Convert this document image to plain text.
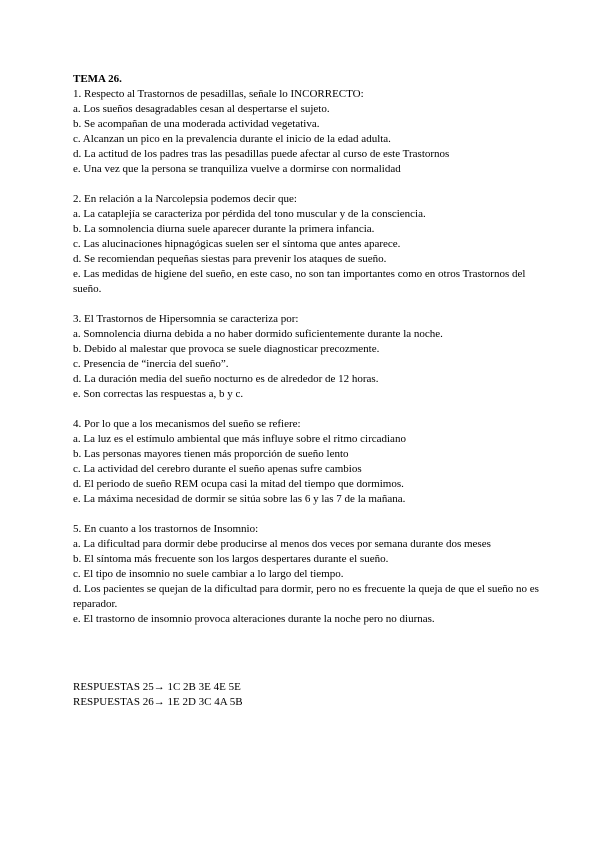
TEMA 26.
1. Respecto al Trastornos de pesadillas, señale lo INCORRECTO:
a. Los sueños desagradables cesan al despertarse el sujeto.
b. Se acompañan de una moderada actividad vegetativa.
c. Alcanzan un pico en la prevalencia durante el inicio de la edad adulta.
d. La actitud de los padres tras las pesadillas puede afectar al curso de este Trastornos
e. Una vez que la persona se tranquiliza vuelve a dormirse con normalidad
2. En relación a la Narcolepsia podemos decir que:
a. La cataplejía se caracteriza por pérdida del tono muscular y de la consciencia.
b. La somnolencia diurna suele aparecer durante la primera infancia.
c. Las alucinaciones hipnagógicas suelen ser el síntoma que antes aparece.
d. Se recomiendan pequeñas siestas para prevenir los ataques de sueño.
e. Las medidas de higiene del sueño, en este caso, no son tan importantes como en otros Trastornos del sueño.
3. El Trastornos de Hipersomnia se caracteriza por:
a. Somnolencia diurna debida a no haber dormido suficientemente durante la noche.
b. Debido al malestar que provoca se suele diagnosticar precozmente.
c. Presencia de “inercia del sueño”.
d. La duración media del sueño nocturno es de alrededor de 12 horas.
e. Son correctas las respuestas a, b y c.
4. Por lo que a los mecanismos del sueño se refiere:
a. La luz es el estímulo ambiental que más influye sobre el ritmo circadiano
b. Las personas mayores tienen más proporción de sueño lento
c. La actividad del cerebro durante el sueño apenas sufre cambios
d. El periodo de sueño REM ocupa casi la mitad del tiempo que dormimos.
e. La máxima necesidad de dormir se sitúa sobre las 6 y las 7 de la mañana.
5. En cuanto a los trastornos de Insomnio:
a. La dificultad para dormir debe producirse al menos dos veces por semana durante dos meses
b. El síntoma más frecuente son los largos despertares durante el sueño.
c. El tipo de insomnio no suele cambiar a lo largo del tiempo.
d. Los pacientes se quejan de la dificultad para dormir, pero no es frecuente la queja de que el sueño no es reparador.
e. El trastorno de insomnio provoca alteraciones durante la noche pero no diurnas.
RESPUESTAS 25→ 1C 2B 3E 4E 5E
RESPUESTAS 26→ 1E 2D 3C 4A 5B
